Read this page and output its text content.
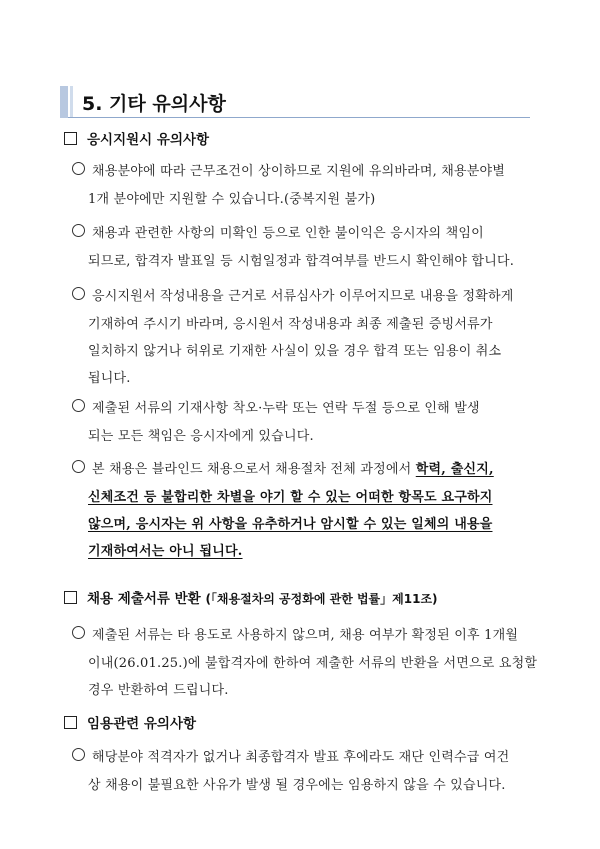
5. 기타 유의사항
응시지원시 유의사항
채용분야에 따라 근무조건이 상이하므로 지원에 유의바라며, 채용분야별
1개 분야에만 지원할 수 있습니다.(중복지원 불가)
채용과 관련한 사항의 미확인 등으로 인한 불이익은 응시자의 책임이
되므로, 합격자 발표일 등 시험일정과 합격여부를 반드시 확인해야 합니다.
응시지원서 작성내용을 근거로 서류심사가 이루어지므로 내용을 정확하게
기재하여 주시기 바라며, 응시원서 작성내용과 최종 제출된 증빙서류가
일치하지 않거나 허위로 기재한 사실이 있을 경우 합격 또는 임용이 취소
됩니다.
제출된 서류의 기재사항 착오·누락 또는 연락 두절 등으로 인해 발생
되는 모든 책임은 응시자에게 있습니다.
본 채용은 블라인드 채용으로서 채용절차 전체 과정에서 학력, 출신지,
신체조건 등 불합리한 차별을 야기 할 수 있는 어떠한 항목도 요구하지
않으며, 응시자는 위 사항을 유추하거나 암시할 수 있는 일체의 내용을
기재하여서는 아니 됩니다.
채용 제출서류 반환 (「채용절차의 공정화에 관한 법률」제11조)
제출된 서류는 타 용도로 사용하지 않으며, 채용 여부가 확정된 이후 1개월
이내(26.01.25.)에 불합격자에 한하여 제출한 서류의 반환을 서면으로 요청할
경우 반환하여 드립니다.
임용관련 유의사항
해당분야 적격자가 없거나 최종합격자 발표 후에라도 재단 인력수급 여건
상 채용이 불필요한 사유가 발생 될 경우에는 임용하지 않을 수 있습니다.
